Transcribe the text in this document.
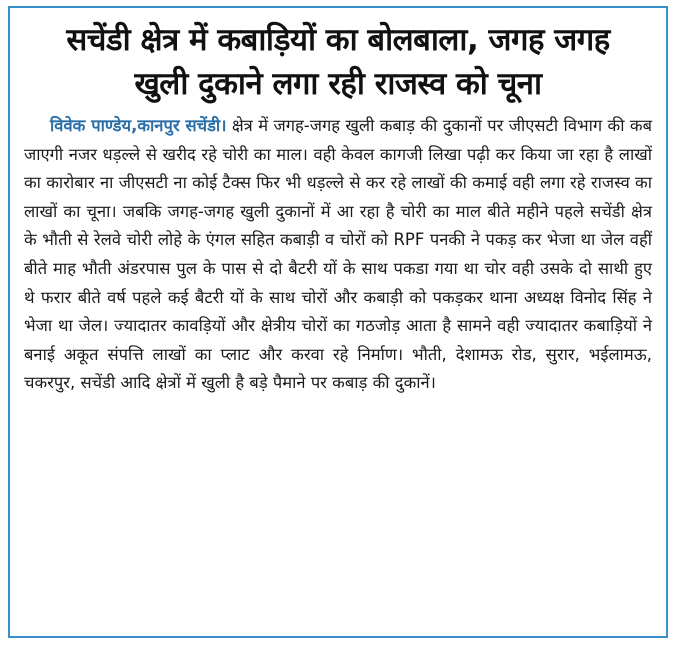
सचेंडी क्षेत्र में कबाड़ियों का बोलबाला, जगह जगह
खुली दुकाने लगा रही राजस्व को चूना
विवेक पाण्डेय,कानपुर सचेंडी। क्षेत्र में जगह-जगह खुली कबाड़ की दुकानों पर जीएसटी विभाग की कब जाएगी नजर धड़ल्ले से खरीद रहे चोरी का माल। वही केवल कागजी लिखा पढ़ी कर किया जा रहा है लाखों का कारोबार ना जीएसटी ना कोई टैक्स फिर भी धड़ल्ले से कर रहे लाखों की कमाई वही लगा रहे राजस्व का लाखों का चूना। जबकि जगह-जगह खुली दुकानों में आ रहा है चोरी का माल बीते महीने पहले सचेंडी क्षेत्र के भौती से रेलवे चोरी लोहे के एंगल सहित कबाड़ी व चोरों को RPF पनकी ने पकड़ कर भेजा था जेल वहीं बीते माह भौती अंडरपास पुल के पास से दो बैटरी यों के साथ पकडा गया था चोर वही उसके दो साथी हुए थे फरार बीते वर्ष पहले कई बैटरी यों के साथ चोरों और कबाड़ी को पकड़कर थाना अध्यक्ष विनोद सिंह ने भेजा था जेल। ज्यादातर कावड़ियों और क्षेत्रीय चोरों का गठजोड़ आता है सामने वही ज्यादातर कबाड़ियों ने बनाई अकूत संपत्ति लाखों का प्लाट और करवा रहे निर्माण। भौती, देशामऊ रोड, सुरार, भईलामऊ, चकरपुर, सचेंडी आदि क्षेत्रों में खुली है बड़े पैमाने पर कबाड़ की दुकानें।
